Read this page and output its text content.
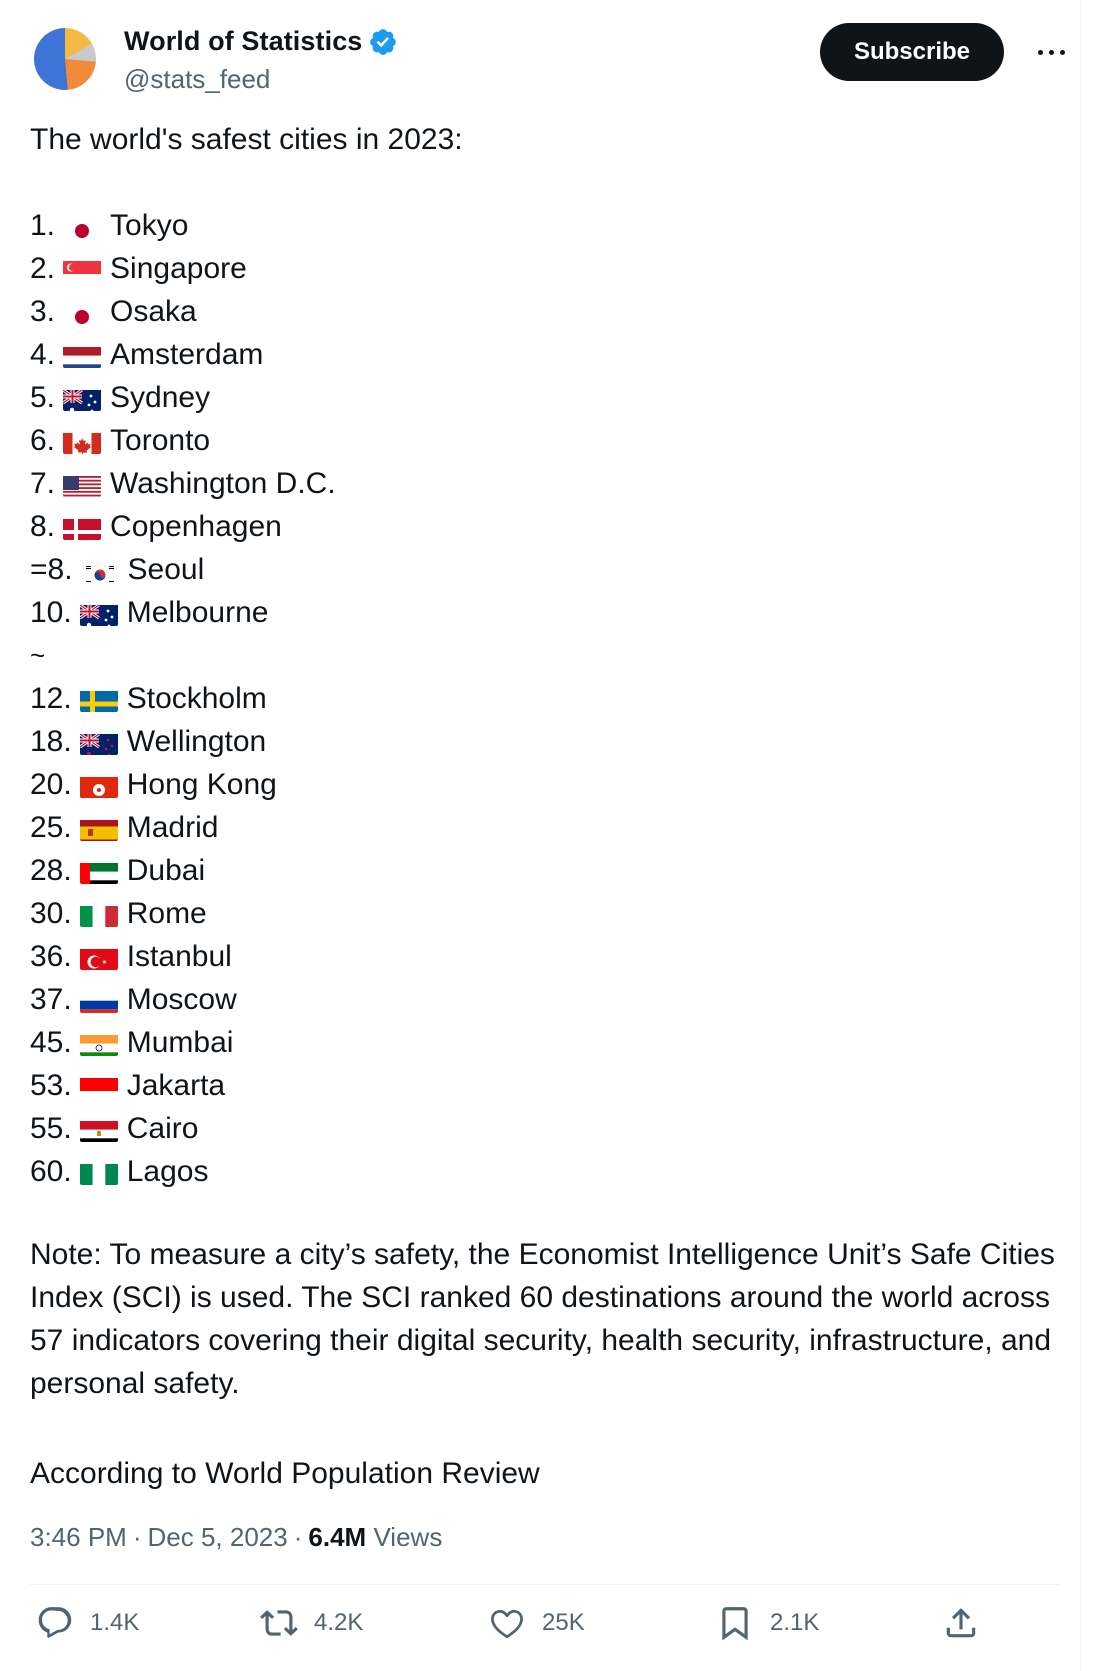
World of Statistics
@stats_feed
Subscribe
The world's safest cities in 2023:
1. Tokyo
2. Singapore
3. Osaka
4. Amsterdam
5. Sydney
6. Toronto
7. Washington D.C.
8. Copenhagen
=8. Seoul
10. Melbourne
~
12. Stockholm
18. Wellington
20. Hong Kong
25. Madrid
28. Dubai
30. Rome
36. Istanbul
37. Moscow
45. Mumbai
53. Jakarta
55. Cairo
60. Lagos
Note: To measure a city’s safety, the Economist Intelligence Unit’s Safe Cities Index (SCI) is used. The SCI ranked 60 destinations around the world across 57 indicators covering their digital security, health security, infrastructure, and personal safety.
According to World Population Review
3:46 PM · Dec 5, 2023 · 6.4M Views
1.4K	4.2K	25K	2.1K
